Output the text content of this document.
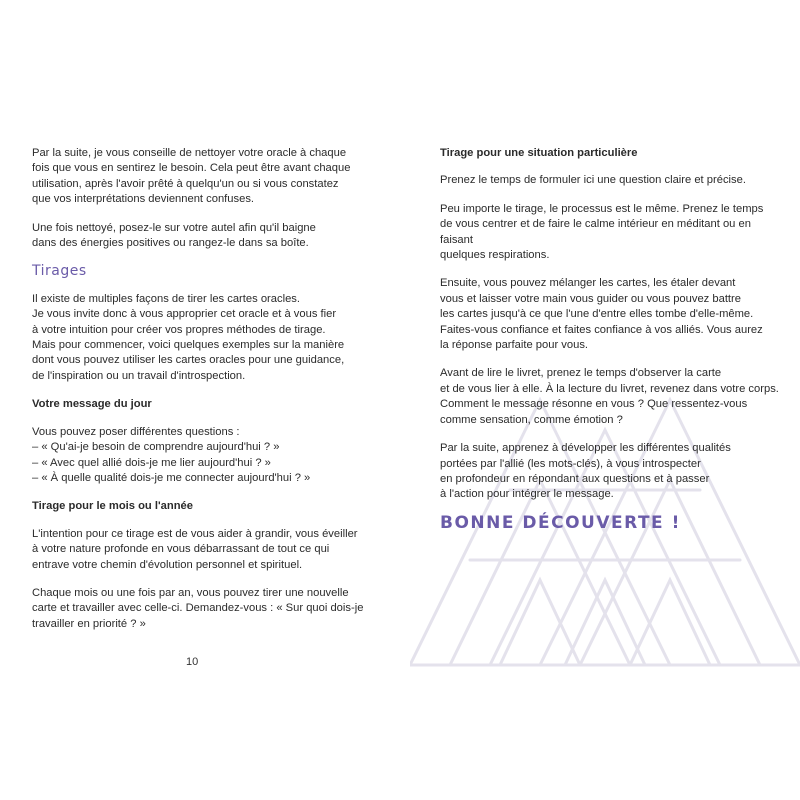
Par la suite, je vous conseille de nettoyer votre oracle à chaque
fois que vous en sentirez le besoin. Cela peut être avant chaque
utilisation, après l'avoir prêté à quelqu'un ou si vous constatez
que vos interprétations deviennent confuses.

Une fois nettoyé, posez-le sur votre autel afin qu'il baigne
dans des énergies positives ou rangez-le dans sa boîte.

Tirages

Il existe de multiples façons de tirer les cartes oracles.
Je vous invite donc à vous approprier cet oracle et à vous fier
à votre intuition pour créer vos propres méthodes de tirage.
Mais pour commencer, voici quelques exemples sur la manière
dont vous pouvez utiliser les cartes oracles pour une guidance,
de l'inspiration ou un travail d'introspection.

Votre message du jour

Vous pouvez poser différentes questions :

– « Qu'ai-je besoin de comprendre aujourd'hui ? »
– « Avec quel allié dois-je me lier aujourd'hui ? »
– « À quelle qualité dois-je me connecter aujourd'hui ? »

Tirage pour le mois ou l'année

L'intention pour ce tirage est de vous aider à grandir, vous éveiller
à votre nature profonde en vous débarrassant de tout ce qui
entrave votre chemin d'évolution personnel et spirituel.

Chaque mois ou une fois par an, vous pouvez tirer une nouvelle
carte et travailler avec celle-ci. Demandez-vous : « Sur quoi dois-je
travailler en priorité ? »

10

Tirage pour une situation particulière

Prenez le temps de formuler ici une question claire et précise.

Peu importe le tirage, le processus est le même. Prenez le temps
de vous centrer et de faire le calme intérieur en méditant ou en faisant
quelques respirations.

Ensuite, vous pouvez mélanger les cartes, les étaler devant
vous et laisser votre main vous guider ou vous pouvez battre
les cartes jusqu'à ce que l'une d'entre elles tombe d'elle-même.
Faites-vous confiance et faites confiance à vos alliés. Vous aurez
la réponse parfaite pour vous.

Avant de lire le livret, prenez le temps d'observer la carte
et de vous lier à elle. À la lecture du livret, revenez dans votre corps.
Comment le message résonne en vous ? Que ressentez-vous
comme sensation, comme émotion ?

Par la suite, apprenez à développer les différentes qualités
portées par l'allié (les mots-clés), à vous introspecter
en profondeur en répondant aux questions et à passer
à l'action pour intégrer le message.

BONNE DÉCOUVERTE !
